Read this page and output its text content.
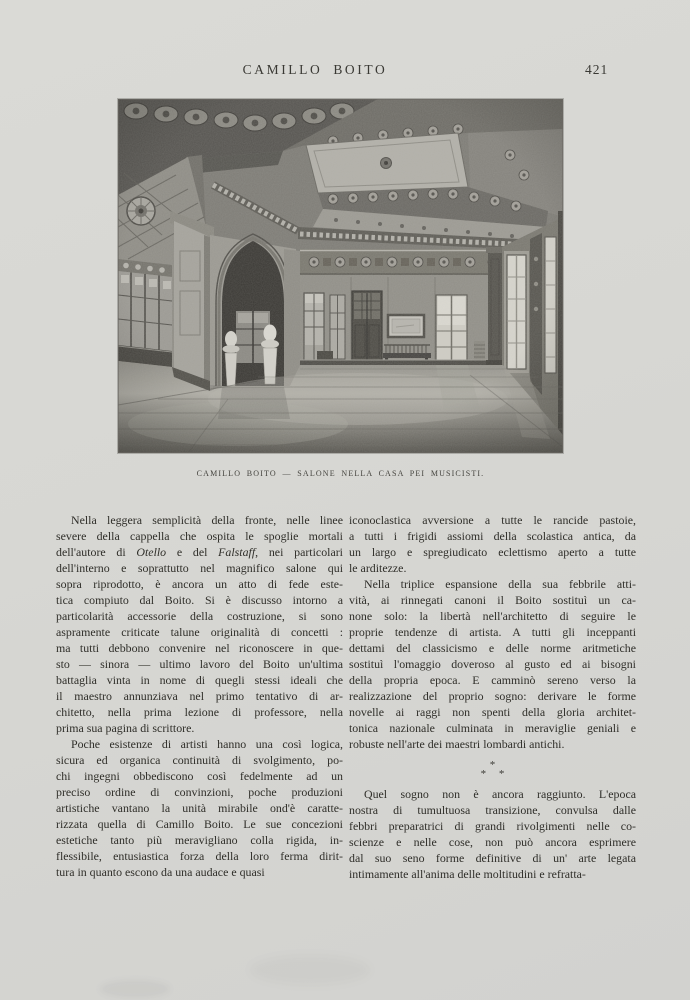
CAMILLO BOITO	421
CAMILLO BOITO — SALONE NELLA CASA PEI MUSICISTI.
Nella leggera semplicità della fronte, nelle linee
severe della cappella che ospita le spoglie mortali
dell'autore di Otello e del Falstaff, nei particolari
dell'interno e soprattutto nel magnifico salone qui
sopra riprodotto, è ancora un atto di fede este-
tica compiuto dal Boito. Si è discusso intorno a
particolarità accessorie della costruzione, si sono
aspramente criticate talune originalità di concetti :
ma tutti debbono convenire nel riconoscere in que-
sto — sinora — ultimo lavoro del Boito un'ultima
battaglia vinta in nome di quegli stessi ideali che
il maestro annunziava nel primo tentativo di ar-
chitetto, nella prima lezione di professore, nella
prima sua pagina di scrittore.
Poche esistenze di artisti hanno una così logica,
sicura ed organica continuità di svolgimento, po-
chi ingegni obbediscono così fedelmente ad un
preciso ordine di convinzioni, poche produzioni
artistiche vantano la unità mirabile ond'è caratte-
rizzata quella di Camillo Boito. Le sue concezioni
estetiche tanto più meravigliano colla rigida, in-
flessibile, entusiastica forza della loro ferma dirit-
tura in quanto escono da una audace e quasi
iconoclastica avversione a tutte le rancide pastoie,
a tutti i frigidi assiomi della scolastica antica, da
un largo e spregiudicato eclettismo aperto a tutte
le arditezze.
Nella triplice espansione della sua febbrile atti-
vità, ai rinnegati canoni il Boito sostituì un ca-
none solo: la libertà nell'architetto di seguire le
proprie tendenze di artista. A tutti gli inceppanti
dettami del classicismo e delle norme aritmetiche
sostituì l'omaggio doveroso al gusto ed ai bisogni
della propria epoca. E camminò sereno verso la
realizzazione del proprio sogno: derivare le forme
novelle ai raggi non spenti della gloria architet-
tonica nazionale culminata in meraviglie geniali e
robuste nell'arte dei maestri lombardi antichi.
*
* *
Quel sogno non è ancora raggiunto. L'epoca
nostra di tumultuosa transizione, convulsa dalle
febbri preparatrici di grandi rivolgimenti nelle co-
scienze e nelle cose, non può ancora esprimere
dal suo seno forme definitive di un' arte legata
intimamente all'anima delle moltitudini e refratta-
